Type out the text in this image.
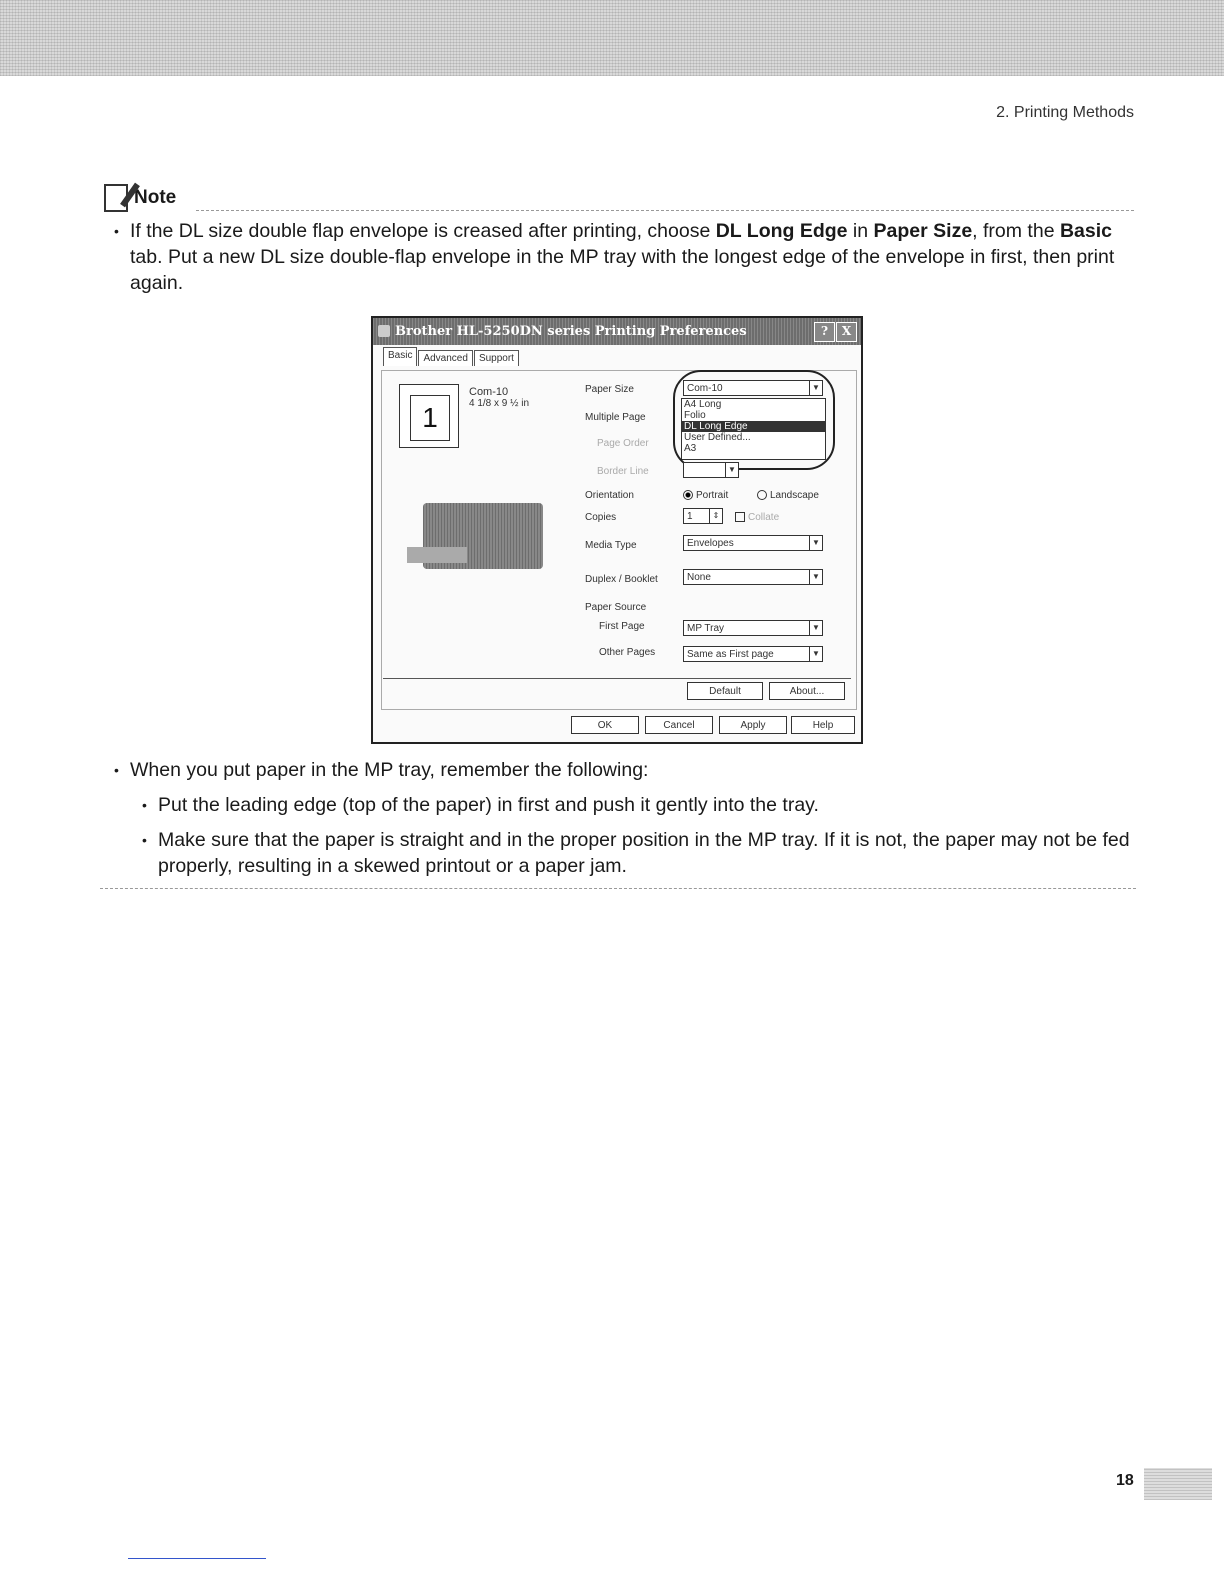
2. Printing Methods
Note
• If the DL size double flap envelope is creased after printing, choose DL Long Edge in Paper Size, from the Basic tab. Put a new DL size double-flap envelope in the MP tray with the longest edge of the envelope in first, then print again.
Brother HL-5250DN series Printing Preferences	?	X
Basic	Advanced	Support
1
Com-10
4 1/8 x 9 ½ in
Paper Size	Com-10	▼
A4 Long
Folio
DL Long Edge
User Defined...
A3
Multiple Page
Page Order
Border Line	▼
Orientation	Portrait	Landscape
Copies	1	⇕	Collate
Media Type	Envelopes	▼
Duplex / Booklet	None	▼
Paper Source
First Page	MP Tray	▼
Other Pages	Same as First page	▼
Default	About...
OK	Cancel	Apply	Help
• When you put paper in the MP tray, remember the following:
• Put the leading edge (top of the paper) in first and push it gently into the tray.
• Make sure that the paper is straight and in the proper position in the MP tray. If it is not, the paper may not be fed properly, resulting in a skewed printout or a paper jam.
18
